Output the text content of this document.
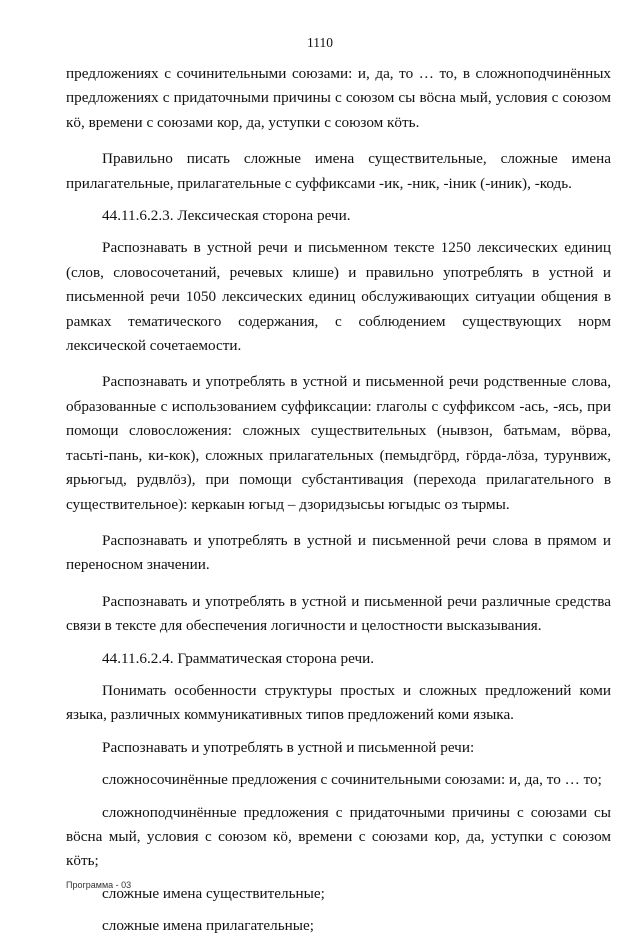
1110

предложениях с сочинительными союзами: и, да, то … то, в сложноподчинённых предложениях с придаточными причины с союзом сы вӧсна мый, условия с союзом кӧ, времени с союзами кор, да, уступки с союзом кӧть.

Правильно писать сложные имена существительные, сложные имена прилагательные, прилагательные с суффиксами -ик, -ник, -iник (-иник), -кодь.

44.11.6.2.3. Лексическая сторона речи.

Распознавать в устной речи и письменном тексте 1250 лексических единиц (слов, словосочетаний, речевых клише) и правильно употреблять в устной и письменной речи 1050 лексических единиц обслуживающих ситуации общения в рамках тематического содержания, с соблюдением существующих норм лексической сочетаемости.

Распознавать и употреблять в устной и письменной речи родственные слова, образованные с использованием суффиксации: глаголы с суффиксом -ась, -ясь, при помощи словосложения: сложных существительных (нывзон, батьмам, вӧрва, тасьтi-пань, ки-кок), сложных прилагательных (пемыдгӧрд, гӧрда-лӧза, турунвиж, ярьюгыд, рудвлӧз), при помощи субстантивация (перехода прилагательного в существительное): керкаын югыд – дзоридзысьы югыдыс оз тырмы.

Распознавать и употреблять в устной и письменной речи слова в прямом и переносном значении.

Распознавать и употреблять в устной и письменной речи различные средства связи в тексте для обеспечения логичности и целостности высказывания.

44.11.6.2.4. Грамматическая сторона речи.

Понимать особенности структуры простых и сложных предложений коми языка, различных коммуникативных типов предложений коми языка.

Распознавать и употреблять в устной и письменной речи:

сложносочинённые предложения с сочинительными союзами: и, да, то … то;

сложноподчинённые предложения с придаточными причины с союзами сы вӧсна мый, условия с союзом кӧ, времени с союзами кор, да, уступки с союзом кӧть;

сложные имена существительные;

сложные имена прилагательные;

Программа - 03
